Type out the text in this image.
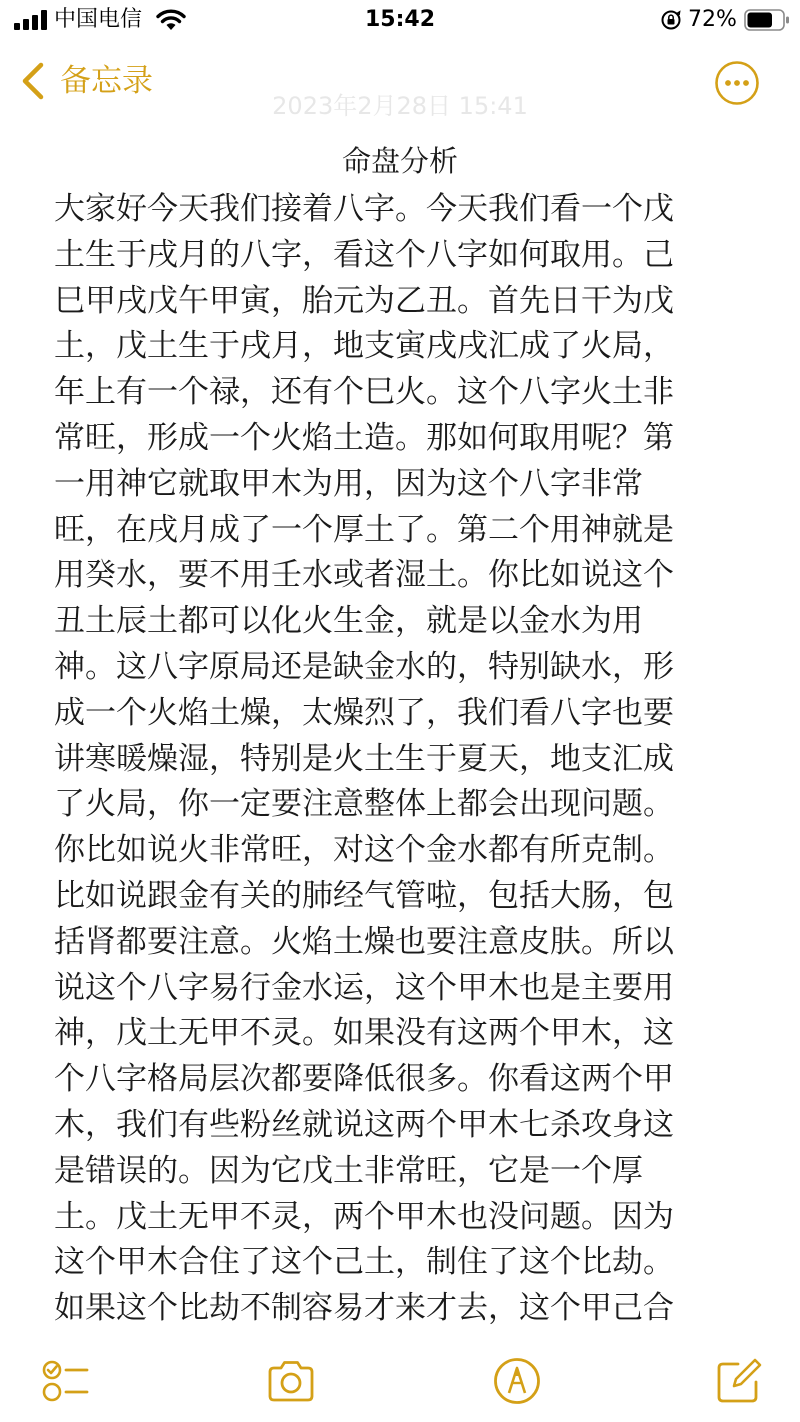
中国电信	15:42	72%
备忘录
2023年2月28日 15:41
命盘分析
大家好今天我们接着八字。今天我们看一个戊
土生于戌月的八字，看这个八字如何取用。己
巳甲戌戊午甲寅，胎元为乙丑。首先日干为戊
土，戊土生于戌月，地支寅戌戌汇成了火局，
年上有一个禄，还有个巳火。这个八字火土非
常旺，形成一个火焰土造。那如何取用呢？第
一用神它就取甲木为用，因为这个八字非常
旺，在戌月成了一个厚土了。第二个用神就是
用癸水，要不用壬水或者湿土。你比如说这个
丑土辰土都可以化火生金，就是以金水为用
神。这八字原局还是缺金水的，特别缺水，形
成一个火焰土燥，太燥烈了，我们看八字也要
讲寒暖燥湿，特别是火土生于夏天，地支汇成
了火局，你一定要注意整体上都会出现问题。
你比如说火非常旺，对这个金水都有所克制。
比如说跟金有关的肺经气管啦，包括大肠，包
括肾都要注意。火焰土燥也要注意皮肤。所以
说这个八字易行金水运，这个甲木也是主要用
神，戊土无甲不灵。如果没有这两个甲木，这
个八字格局层次都要降低很多。你看这两个甲
木，我们有些粉丝就说这两个甲木七杀攻身这
是错误的。因为它戊土非常旺，它是一个厚
土。戊土无甲不灵，两个甲木也没问题。因为
这个甲木合住了这个己土，制住了这个比劫。
如果这个比劫不制容易才来才去，这个甲己合
